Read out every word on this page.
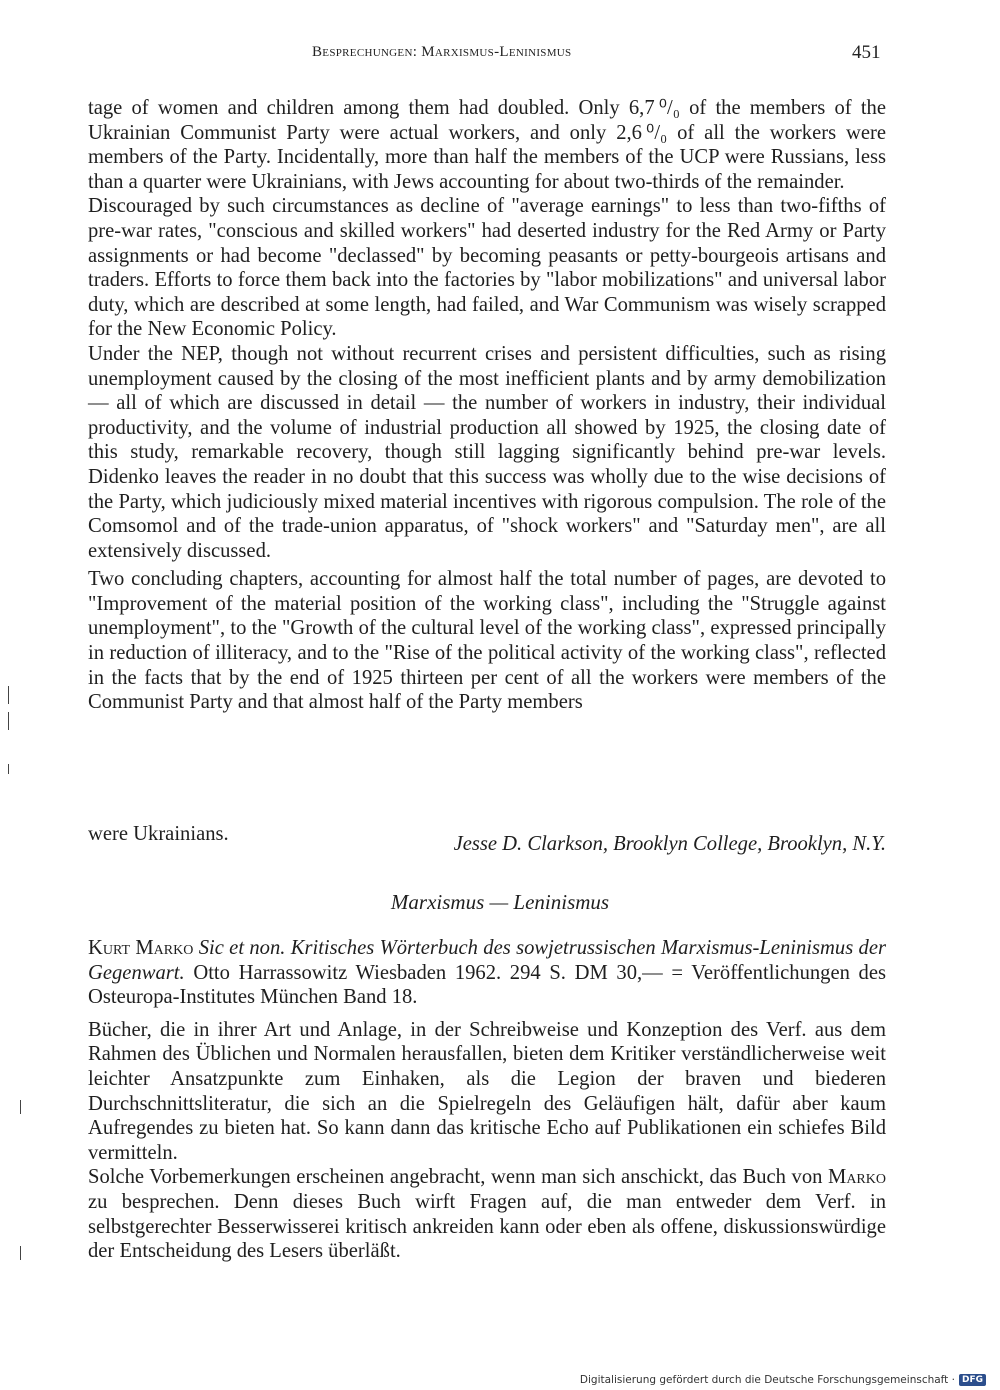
Besprechungen: Marxismus-Leninismus	451

tage of women and children among them had doubled. Only 6,7 ⁰/₀ of the members of the Ukrainian Communist Party were actual workers, and only 2,6 ⁰/₀ of all the workers were members of the Party. Incidentally, more than half the members of the UCP were Russians, less than a quarter were Ukrainians, with Jews accounting for about two-thirds of the remainder.

Discouraged by such circumstances as decline of "average earnings" to less than two-fifths of pre-war rates, "conscious and skilled workers" had deserted industry for the Red Army or Party assignments or had become "declassed" by becoming peasants or petty-bourgeois artisans and traders. Efforts to force them back into the factories by "labor mobilizations" and universal labor duty, which are described at some length, had failed, and War Communism was wisely scrapped for the New Economic Policy.

Under the NEP, though not without recurrent crises and persistent difficulties, such as rising unemployment caused by the closing of the most inefficient plants and by army demobilization — all of which are discussed in detail — the number of workers in industry, their individual productivity, and the volume of industrial production all showed by 1925, the closing date of this study, remarkable recovery, though still lagging significantly behind pre-war levels. Didenko leaves the reader in no doubt that this success was wholly due to the wise decisions of the Party, which judiciously mixed material incentives with rigorous compulsion. The role of the Comsomol and of the trade-union apparatus, of "shock workers" and "Saturday men", are all extensively discussed.

Two concluding chapters, accounting for almost half the total number of pages, are devoted to "Improvement of the material position of the working class", including the "Struggle against unemployment", to the "Growth of the cultural level of the working class", expressed principally in reduction of illiteracy, and to the "Rise of the political activity of the working class", reflected in the facts that by the end of 1925 thirteen per cent of all the workers were members of the Communist Party and that almost half of the Party members

were Ukrainians.	Jesse D. Clarkson, Brooklyn College, Brooklyn, N.Y.
Marxismus — Leninismus

Kurt Marko Sic et non. Kritisches Wörterbuch des sowjetrussischen Marxismus-Leninismus der Gegenwart. Otto Harrassowitz Wiesbaden 1962. 294 S. DM 30,— = Veröffentlichungen des Osteuropa-Institutes München Band 18.

Bücher, die in ihrer Art und Anlage, in der Schreibweise und Konzeption des Verf. aus dem Rahmen des Üblichen und Normalen herausfallen, bieten dem Kritiker verständlicherweise weit leichter Ansatzpunkte zum Einhaken, als die Legion der braven und biederen Durchschnittsliteratur, die sich an die Spielregeln des Geläufigen hält, dafür aber kaum Aufregendes zu bieten hat. So kann dann das kritische Echo auf Publikationen ein schiefes Bild vermitteln.

Solche Vorbemerkungen erscheinen angebracht, wenn man sich anschickt, das Buch von Marko zu besprechen. Denn dieses Buch wirft Fragen auf, die man entweder dem Verf. in selbstgerechter Besserwisserei kritisch ankreiden kann oder eben als offene, diskussionswürdige der Entscheidung des Lesers überläßt.

Digitalisierung gefördert durch die Deutsche Forschungsgemeinschaft · DFG
